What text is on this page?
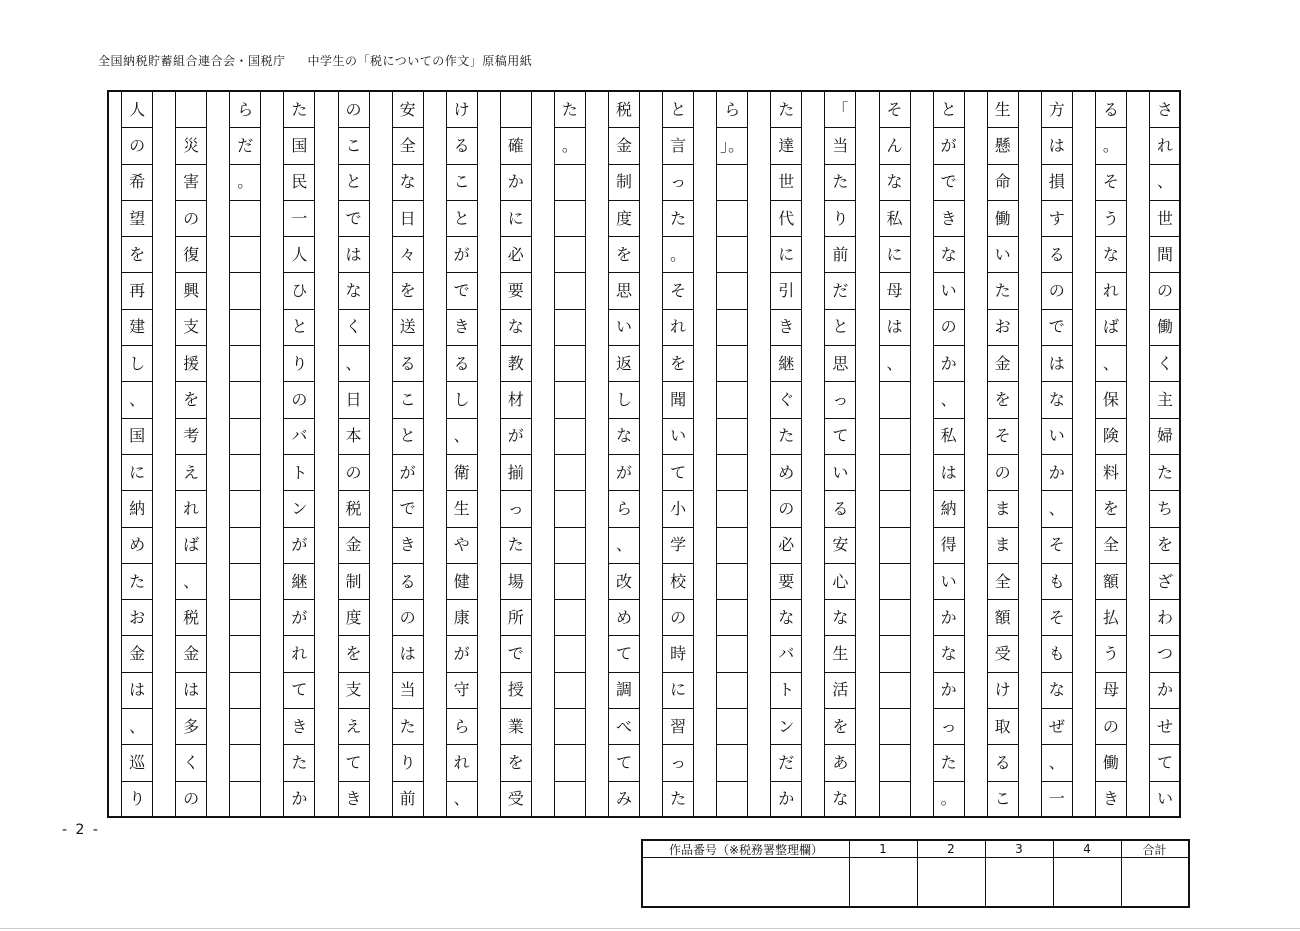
全国納税貯蓄組合連合会・国税庁 中学生の「税についての作文」原稿用紙
さ
れ
、
世
間
の
働
く
主
婦
た
ち
を
ざ
わ
つ
か
せ
て
い
る
。
そ
う
な
れ
ば
、
保
険
料
を
全
額
払
う
母
の
働
き
方
は
損
す
る
の
で
は
な
い
か
、
そ
も
そ
も
な
ぜ
、
一
生
懸
命
働
い
た
お
金
を
そ
の
ま
ま
全
額
受
け
取
る
こ
と
が
で
き
な
い
の
か
、
私
は
納
得
い
か
な
か
っ
た
。
そ
ん
な
私
に
母
は
、
「
当
た
り
前
だ
と
思
っ
て
い
る
安
心
な
生
活
を
あ
な
た
達
世
代
に
引
き
継
ぐ
た
め
の
必
要
な
バ
ト
ン
だ
か
ら
」。
と
言
っ
た
。
そ
れ
を
聞
い
て
小
学
校
の
時
に
習
っ
た
税
金
制
度
を
思
い
返
し
な
が
ら
、
改
め
て
調
べ
て
み
た
。
確
か
に
必
要
な
教
材
が
揃
っ
た
場
所
で
授
業
を
受
け
る
こ
と
が
で
き
る
し
、
衛
生
や
健
康
が
守
ら
れ
、
安
全
な
日
々
を
送
る
こ
と
が
で
き
る
の
は
当
た
り
前
の
こ
と
で
は
な
く
、
日
本
の
税
金
制
度
を
支
え
て
き
た
国
民
一
人
ひ
と
り
の
バ
ト
ン
が
継
が
れ
て
き
た
か
ら
だ
。
災
害
の
復
興
支
援
を
考
え
れ
ば
、
税
金
は
多
く
の
人
の
希
望
を
再
建
し
、
国
に
納
め
た
お
金
は
、
巡
り
- 2 -
作品番号（※税務署整理欄）	1	2	3	4	合計
